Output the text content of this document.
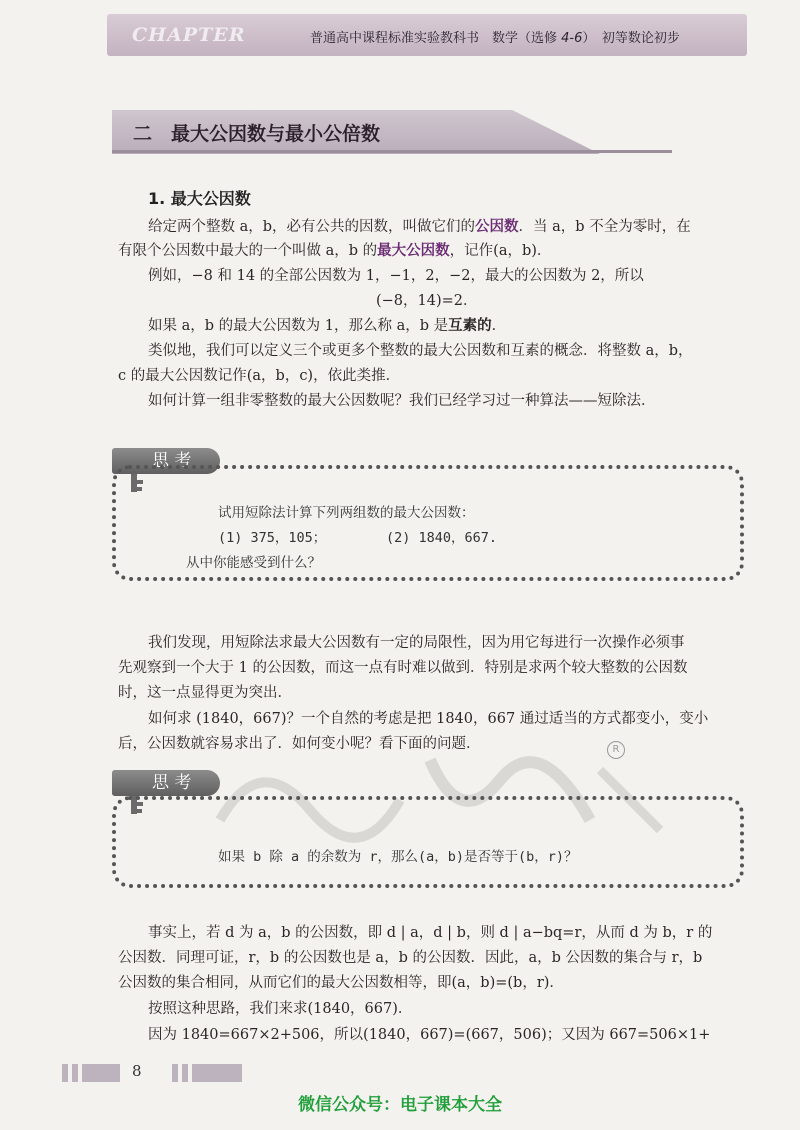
CHAPTER	普通高中课程标准实验教科书　数学（选修 4-6）　初等数论初步
二　最大公因数与最小公倍数
1. 最大公因数
给定两个整数 a，b，必有公共的因数，叫做它们的公因数．当 a，b 不全为零时，在
有限个公因数中最大的一个叫做 a，b 的最大公因数，记作(a，b)．
例如，−8 和 14 的全部公因数为 1，−1，2，−2，最大的公因数为 2，所以
(−8，14)=2．
如果 a，b 的最大公因数为 1，那么称 a，b 是互素的．
类似地，我们可以定义三个或更多个整数的最大公因数和互素的概念．将整数 a，b，
c 的最大公因数记作(a，b，c)，依此类推．
如何计算一组非零整数的最大公因数呢？我们已经学习过一种算法——短除法．
思 考
试用短除法计算下列两组数的最大公因数：
(1) 375，105；	(2) 1840，667.
从中你能感受到什么？
我们发现，用短除法求最大公因数有一定的局限性，因为用它每进行一次操作必须事
先观察到一个大于 1 的公因数，而这一点有时难以做到．特别是求两个较大整数的公因数
时，这一点显得更为突出．
如何求 (1840，667)？一个自然的考虑是把 1840，667 通过适当的方式都变小，变小
后，公因数就容易求出了．如何变小呢？看下面的问题．	R
思 考
如果 b 除 a 的余数为 r，那么(a，b)是否等于(b，r)？
事实上，若 d 为 a，b 的公因数，即 d | a，d | b，则 d | a−bq=r，从而 d 为 b，r 的
公因数．同理可证，r，b 的公因数也是 a，b 的公因数．因此，a，b 公因数的集合与 r，b
公因数的集合相同，从而它们的最大公因数相等，即(a，b)=(b，r)．
按照这种思路，我们来求(1840，667)．
因为 1840=667×2+506，所以(1840，667)=(667，506)；又因为 667=506×1+
8
微信公众号：电子课本大全
